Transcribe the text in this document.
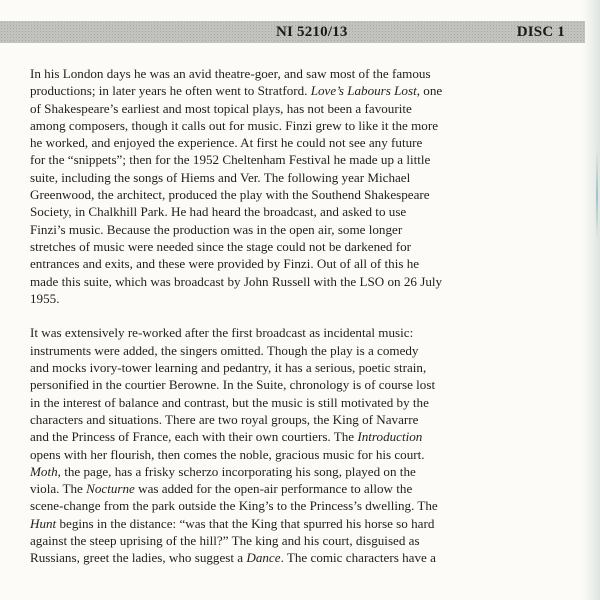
NI 5210/13	DISC 1

In his London days he was an avid theatre-goer, and saw most of the famous
productions; in later years he often went to Stratford. Love’s Labours Lost, one
of Shakespeare’s earliest and most topical plays, has not been a favourite
among composers, though it calls out for music. Finzi grew to like it the more
he worked, and enjoyed the experience. At first he could not see any future
for the “snippets”; then for the 1952 Cheltenham Festival he made up a little
suite, including the songs of Hiems and Ver. The following year Michael
Greenwood, the architect, produced the play with the Southend Shakespeare
Society, in Chalkhill Park. He had heard the broadcast, and asked to use
Finzi’s music. Because the production was in the open air, some longer
stretches of music were needed since the stage could not be darkened for
entrances and exits, and these were provided by Finzi. Out of all of this he
made this suite, which was broadcast by John Russell with the LSO on 26 July
1955.

It was extensively re-worked after the first broadcast as incidental music:
instruments were added, the singers omitted. Though the play is a comedy
and mocks ivory-tower learning and pedantry, it has a serious, poetic strain,
personified in the courtier Berowne. In the Suite, chronology is of course lost
in the interest of balance and contrast, but the music is still motivated by the
characters and situations. There are two royal groups, the King of Navarre
and the Princess of France, each with their own courtiers. The Introduction
opens with her flourish, then comes the noble, gracious music for his court.
Moth, the page, has a frisky scherzo incorporating his song, played on the
viola. The Nocturne was added for the open-air performance to allow the
scene-change from the park outside the King’s to the Princess’s dwelling. The
Hunt begins in the distance: “was that the King that spurred his horse so hard
against the steep uprising of the hill?” The king and his court, disguised as
Russians, greet the ladies, who suggest a Dance. The comic characters have a
